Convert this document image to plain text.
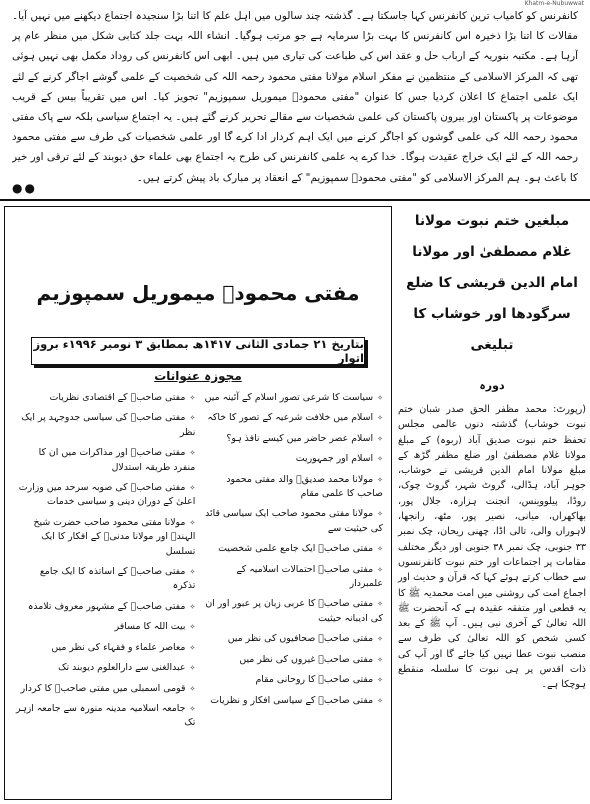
Khatm-e-Nubuwwat
کانفرنس کو کامیاب ترین کانفرنس کہا جاسکتا ہے۔ گذشتہ چند سالوں میں اہل علم کا اتنا بڑا سنجیدہ اجتماع دیکھنے میں نہیں آیا۔ مقالات کا اتنا بڑا ذخیرہ اس کانفرنس کا بہت بڑا سرمایہ ہے جو مرتب ہوگیا۔ انشاء اللہ بہت جلد کتابی شکل میں منظر عام پر آرہا ہے۔ مکتبہ بنوریہ کے ارباب حل و عقد اس کی طباعت کی تیاری میں ہیں۔ ابھی اس کانفرنس کی روداد مکمل بھی نہیں ہوئی تھی کہ المرکز الاسلامی کے منتظمین نے مفکر اسلام مولانا مفتی محمود رحمہ اللہ کی شخصیت کے علمی گوشے اجاگر کرنے کے لئے ایک علمی اجتماع کا اعلان کردیا جس کا عنوان "مفتی محمودؒ میموریل سمپوزیم" تجویز کیا۔ اس میں تقریباً بیس کے قریب موضوعات پر پاکستان اور بیرون پاکستان کی علمی شخصیات سے مقالے تحریر کرنے گئے ہیں۔ یہ اجتماع سیاسی بلکہ سے پاک مفتی محمود رحمہ اللہ کی علمی گوشوں کو اجاگر کرنے میں ایک اہم کردار ادا کرے گا اور علمی شخصیات کی طرف سے مفتی محمود رحمہ اللہ کے لئے ایک خراج عقیدت ہوگا۔ خدا کرے یہ علمی کانفرنس کی طرح یہ اجتماع بھی علماء حق دیوبند کے لئے ترقی اور خیر کا باعث ہو۔ ہم المرکز الاسلامی کو "مفتی محمودؒ سمپوزیم" کے انعقاد پر مبارک باد پیش کرتے ہیں۔
●●
مفتی محمودؒ میموریل سمپوزیم
بتاریخ ۲۱ جمادی الثانی ۱۴۱۷ھ بمطابق ۳ نومبر ۱۹۹۶ء بروز اتوار
مجوزہ عنوانات
✧ مفتی صاحبؒ کے اقتصادی نظریات
✧ مفتی صاحبؒ کی سیاسی جدوجہد پر ایک نظر
✧ مفتی صاحبؒ اور مذاکرات میں ان کا منفرد طریقہ استدلال
✧ مفتی صاحبؒ کی صوبہ سرحد میں وزارت اعلیٰ کے دوران دینی و سیاسی خدمات
✧ مولانا مفتی محمود صاحب حضرت شیخ الہندؒ اور مولانا مدنیؒ کے افکار کا ایک تسلسل
✧ مفتی صاحبؒ کے اساتذہ کا ایک جامع تذکرہ
✧ مفتی صاحبؒ کے مشہور معروف تلامذہ
✧ بیت اللہ کا مسافر
✧ معاصر علماء و فقہاء کی نظر میں
✧ عبدالغنی سے دارالعلوم دیوبند تک
✧ قومی اسمبلی میں مفتی صاحبؒ کا کردار
✧ جامعہ اسلامیہ مدینہ منورہ سے جامعہ ازہر تک
✧ سیاست کا شرعی تصور اسلام کے آئینہ میں
✧ اسلام میں خلافت شرعیہ کے تصور کا خاکہ
✧ اسلام عصر حاضر میں کیسے نافذ ہو؟
✧ اسلام اور جمہوریت
✧ مولانا محمد صدیقؒ والد مفتی محمود صاحب کا علمی مقام
✧ مولانا مفتی محمود صاحب ایک سیاسی قائد کی حیثیت سے
✧ مفتی صاحبؒ ایک جامع علمی شخصیت
✧ مفتی صاحبؒ احتمالات اسلامیہ کے علمبردار
✧ مفتی صاحبؒ کا عربی زبان پر عبور اور ان کی ادیبانہ حیثیت
✧ مفتی صاحبؒ صحافیوں کی نظر میں
✧ مفتی صاحبؒ غیروں کی نظر میں
✧ مفتی صاحبؒ کا روحانی مقام
✧ مفتی صاحبؒ کے سیاسی افکار و نظریات
مبلغین ختم نبوت مولانا غلام مصطفیٰ اور مولانا امام الدین قریشی کا ضلع سرگودھا اور خوشاب کا تبلیغی
دورہ
(رپورٹ: محمد مظفر الحق صدر شبان ختم نبوت خوشاب) گذشتہ دنوں عالمی مجلس تحفظ ختم نبوت صدیق آباد (ربوہ) کے مبلغ مولانا غلام مصطفیٰ اور ضلع مظفر گڑھ کے مبلغ مولانا امام الدین قریشی نے خوشاب، جوہر آباد، ہڈالی، گروٹ شہر، گروٹ چوک، روڈا، پیلووینس، انجنت ہزارہ، جلال پور، بھاکھراں، میانی، نصیر پور، مٹھ، رانجھا، لاہوراں والی، تالی اڈا، چھنی ریحان، چک نمبر ۳۳ جنوبی، چک نمبر ۳۸ جنوبی اور دیگر مختلف مقامات پر اجتماعات اور ختم نبوت کانفرنسوں سے خطاب کرتے ہوئے کہا کہ قرآن و حدیث اور اجماع امت کی روشنی میں امت محمدیہ ﷺ کا یہ قطعی اور متفقہ عقیدہ ہے کہ آنحضرت ﷺ اللہ تعالیٰ کے آخری نبی ہیں۔ آپ ﷺ کے بعد کسی شخص کو اللہ تعالیٰ کی طرف سے منصب نبوت عطا نہیں کیا جائے گا اور آپ کی ذات اقدس پر ہی نبوت کا سلسلہ منقطع ہوچکا ہے۔
